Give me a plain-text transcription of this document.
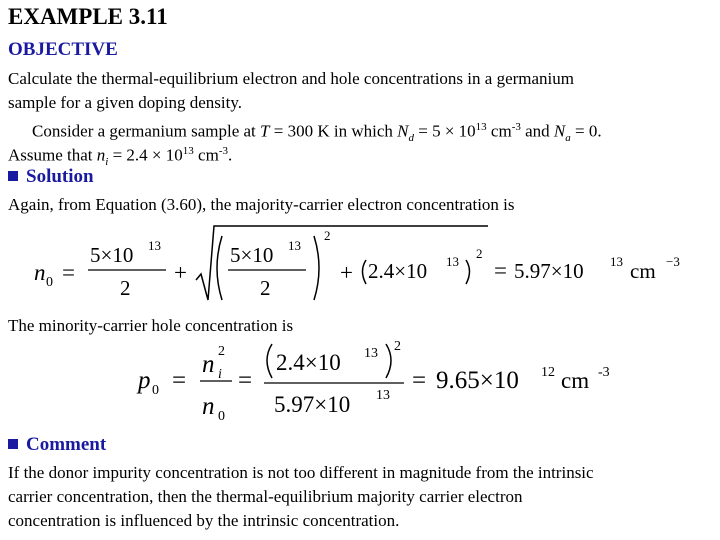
EXAMPLE 3.11
OBJECTIVE
Calculate the thermal-equilibrium electron and hole concentrations in a germanium
sample for a given doping density.
Consider a germanium sample at T = 300 K in which $N_d = 5 \times 10^{13}$ $cm^{-3}$ and $N_a = 0$.
Assume that $n_i = 2.4 \times 10^{13}$ $cm^{-3}$.
Solution
Again, from Equation (3.60), the majority-carrier electron concentration is
n 0 =
5×10 13
2
+
5×10 13
2
2
+ 2.4×10 13
2
= 5.97×10 13 cm −3
p 0 =
n 2
i
n 0
=
2.4×10 13 2
5.97×10 13
= 9.65×10 12 cm -3
The minority-carrier hole concentration is
Comment
If the donor impurity concentration is not too different in magnitude from the intrinsic
carrier concentration, then the thermal-equilibrium majority carrier electron
concentration is influenced by the intrinsic concentration.
